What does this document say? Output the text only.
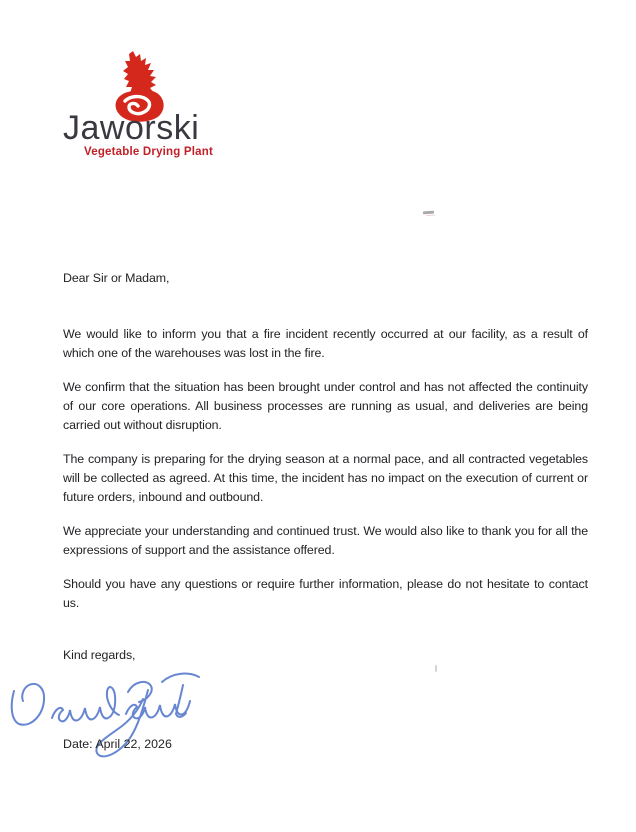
Jaworski
Vegetable Drying Plant

Dear Sir or Madam,

We would like to inform you that a fire incident recently occurred at our facility, as a result of which one of the warehouses was lost in the fire.

We confirm that the situation has been brought under control and has not affected the continuity of our core operations. All business processes are running as usual, and deliveries are being carried out without disruption.

The company is preparing for the drying season at a normal pace, and all contracted vegetables will be collected as agreed. At this time, the incident has no impact on the execution of current or future orders, inbound and outbound.

We appreciate your understanding and continued trust. We would also like to thank you for all the expressions of support and the assistance offered.

Should you have any questions or require further information, please do not hesitate to contact us.

Kind regards,

Date: April 22, 2026
